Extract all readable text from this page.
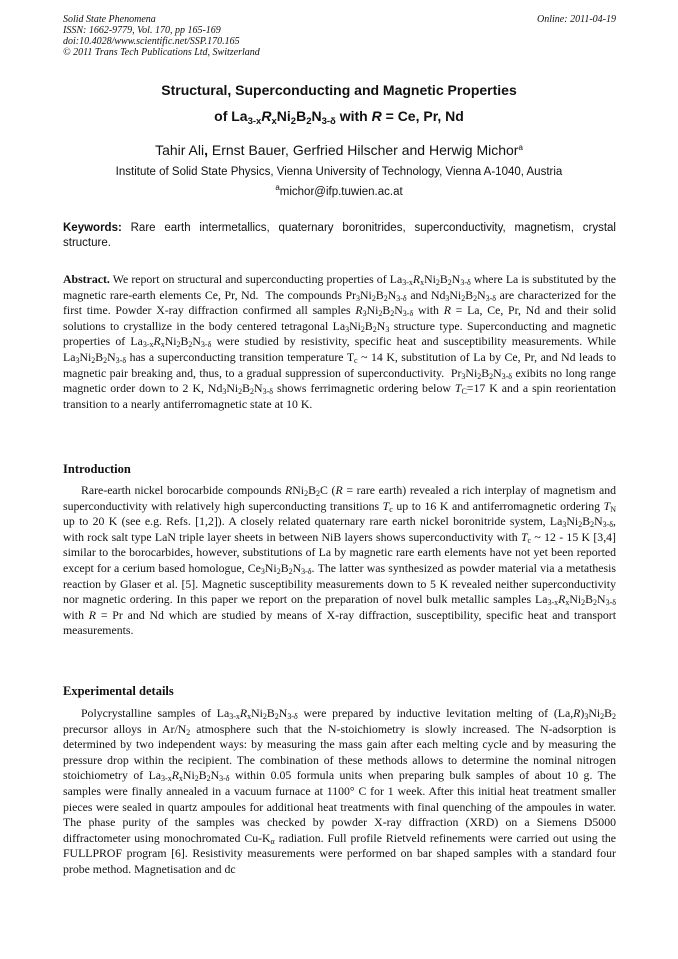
Solid State Phenomena
ISSN: 1662-9779, Vol. 170, pp 165-169
doi:10.4028/www.scientific.net/SSP.170.165
© 2011 Trans Tech Publications Ltd, Switzerland
Online: 2011-04-19
Structural, Superconducting and Magnetic Properties
of $La_{3-x}R_xNi_2B_2N_{3-\delta}$ with R = Ce, Pr, Nd
Tahir Ali, Ernst Bauer, Gerfried Hilscher and Herwig Michor$^a$
Institute of Solid State Physics, Vienna University of Technology, Vienna A-1040, Austria
$^a$michor@ifp.tuwien.ac.at
Keywords: Rare earth intermetallics, quaternary boronitrides, superconductivity, magnetism, crystal structure.

Abstract. We report on structural and superconducting properties of $La_{3-x}R_xNi_2B_2N_{3-\delta}$ where La is substituted by the magnetic rare-earth elements Ce, Pr, Nd.  The compounds $Pr_3Ni_2B_2N_{3-\delta}$ and $Nd_3Ni_2B_2N_{3-\delta}$ are characterized for the first time. Powder X-ray diffraction confirmed all samples $R_3Ni_2B_2N_{3-\delta}$ with R = La, Ce, Pr, Nd and their solid solutions to crystallize in the body centered tetragonal $La_3Ni_2B_2N_3$ structure type. Superconducting and magnetic properties of $La_{3-x}R_xNi_2B_2N_{3-\delta}$ were studied by resistivity, specific heat and susceptibility measurements. While $La_3Ni_2B_2N_{3-\delta}$ has a superconducting transition temperature $T_c$ ~ 14 K, substitution of La by Ce, Pr, and Nd leads to magnetic pair breaking and, thus, to a gradual suppression of superconductivity.  $Pr_3Ni_2B_2N_{3-\delta}$ exibits no long range magnetic order down to 2 K, $Nd_3Ni_2B_2N_{3-\delta}$ shows ferrimagnetic ordering below $T_C=17$ K and a spin reorientation transition to a nearly antiferromagnetic state at 10 K.

Introduction

Rare-earth nickel borocarbide compounds $RNi_2B_2C$ (R = rare earth) revealed a rich interplay of magnetism and superconductivity with relatively high superconducting transitions $T_c$ up to 16 K and antiferromagnetic ordering $T_N$ up to 20 K (see e.g. Refs. [1,2]). A closely related quaternary rare earth nickel boronitride system, $La_3Ni_2B_2N_{3-\delta}$, with rock salt type LaN triple layer sheets in between NiB layers shows superconductivity with $T_c$ ~ 12 - 15 K [3,4] similar to the borocarbides, however, substitutions of La by magnetic rare earth elements have not yet been reported except for a cerium based homologue, $Ce_3Ni_2B_2N_{3-\delta}$. The latter was synthesized as powder material via a metathesis reaction by Glaser et al. [5]. Magnetic susceptibility measurements down to 5 K revealed neither superconductivity nor magnetic ordering. In this paper we report on the preparation of novel bulk metallic samples $La_{3-x}R_xNi_2B_2N_{3-\delta}$ with R = Pr and Nd which are studied by means of X-ray diffraction, susceptibility, specific heat and transport measurements.

Experimental details

Polycrystalline samples of $La_{3-x}R_xNi_2B_2N_{3-\delta}$ were prepared by inductive levitation melting of $(La,R)_3Ni_2B_2$ precursor alloys in $Ar/N_2$ atmosphere such that the N-stoichiometry is slowly increased. The N-adsorption is determined by two independent ways: by measuring the mass gain after each melting cycle and by measuring the pressure drop within the recipient. The combination of these methods allows to determine the nominal nitrogen stoichiometry of $La_{3-x}R_xNi_2B_2N_{3-\delta}$ within 0.05 formula units when preparing bulk samples of about 10 g. The samples were finally annealed in a vacuum furnace at 1100° C for 1 week. After this initial heat treatment smaller pieces were sealed in quartz ampoules for additional heat treatments with final quenching of the ampoules in water. The phase purity of the samples was checked by powder X-ray diffraction (XRD) on a Siemens D5000 diffractometer using monochromated $Cu-K_\alpha$ radiation. Full profile Rietveld refinements were carried out using the FULLPROF program [6]. Resistivity measurements were performed on bar shaped samples with a standard four probe method. Magnetisation and dc
